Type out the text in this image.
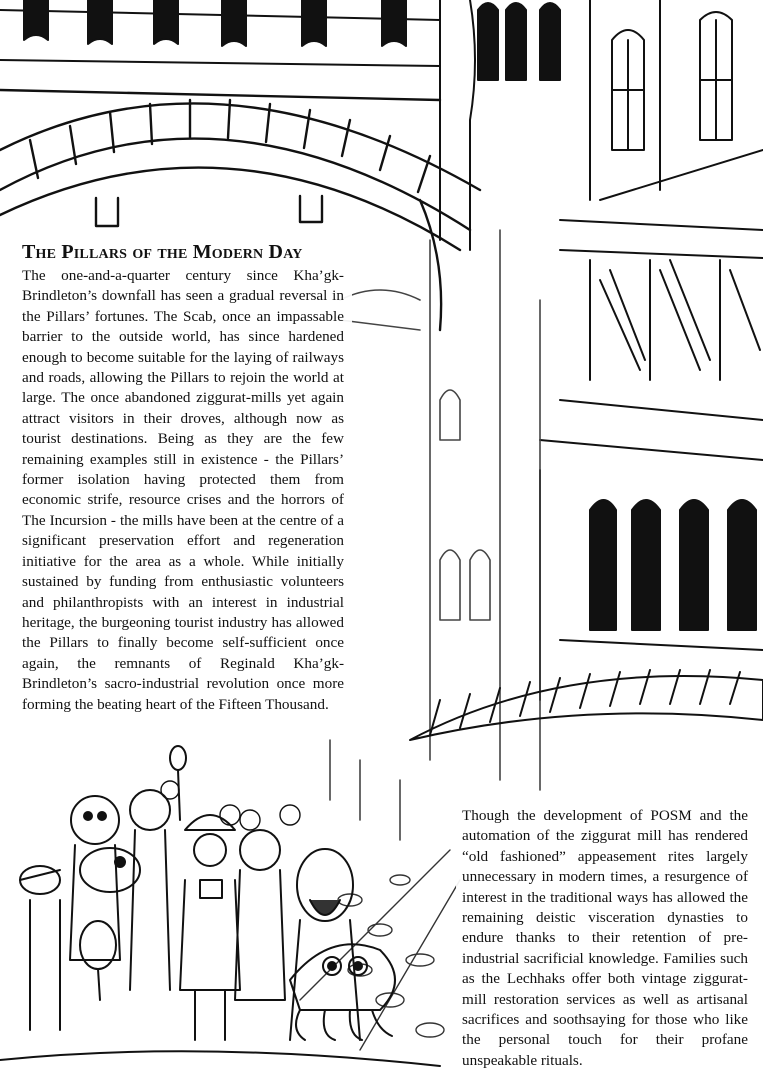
The Pillars of the Modern Day

The one-and-a-quarter century since Kha’gk-Brindleton’s downfall has seen a gradual reversal in the Pillars’ fortunes. The Scab, once an impassable barrier to the outside world, has since hardened enough to become suitable for the laying of railways and roads, allowing the Pillars to rejoin the world at large. The once abandoned ziggurat-mills yet again attract visitors in their droves, although now as tourist destinations. Being as they are the few remaining examples still in existence - the Pillars’ former isolation having protected them from economic strife, resource crises and the horrors of The Incursion - the mills have been at the centre of a significant preservation effort and regeneration initiative for the area as a whole. While initially sustained by funding from enthusiastic volunteers and philanthropists with an interest in industrial heritage, the burgeoning tourist industry has allowed the Pillars to finally become self-sufficient once again, the remnants of Reginald Kha’gk-Brindleton’s sacro-industrial revolution once more forming the beating heart of the Fifteen Thousand.

Though the development of POSM and the automation of the ziggurat mill has rendered “old fashioned” appeasement rites largely unnecessary in modern times, a resurgence of interest in the traditional ways has allowed the remaining deistic visceration dynasties to endure thanks to their retention of pre-industrial sacrificial knowledge. Families such as the Lechhaks offer both vintage ziggurat-mill restoration services as well as artisanal sacrifices and soothsaying for those who like the personal touch for their profane unspeakable rituals.
